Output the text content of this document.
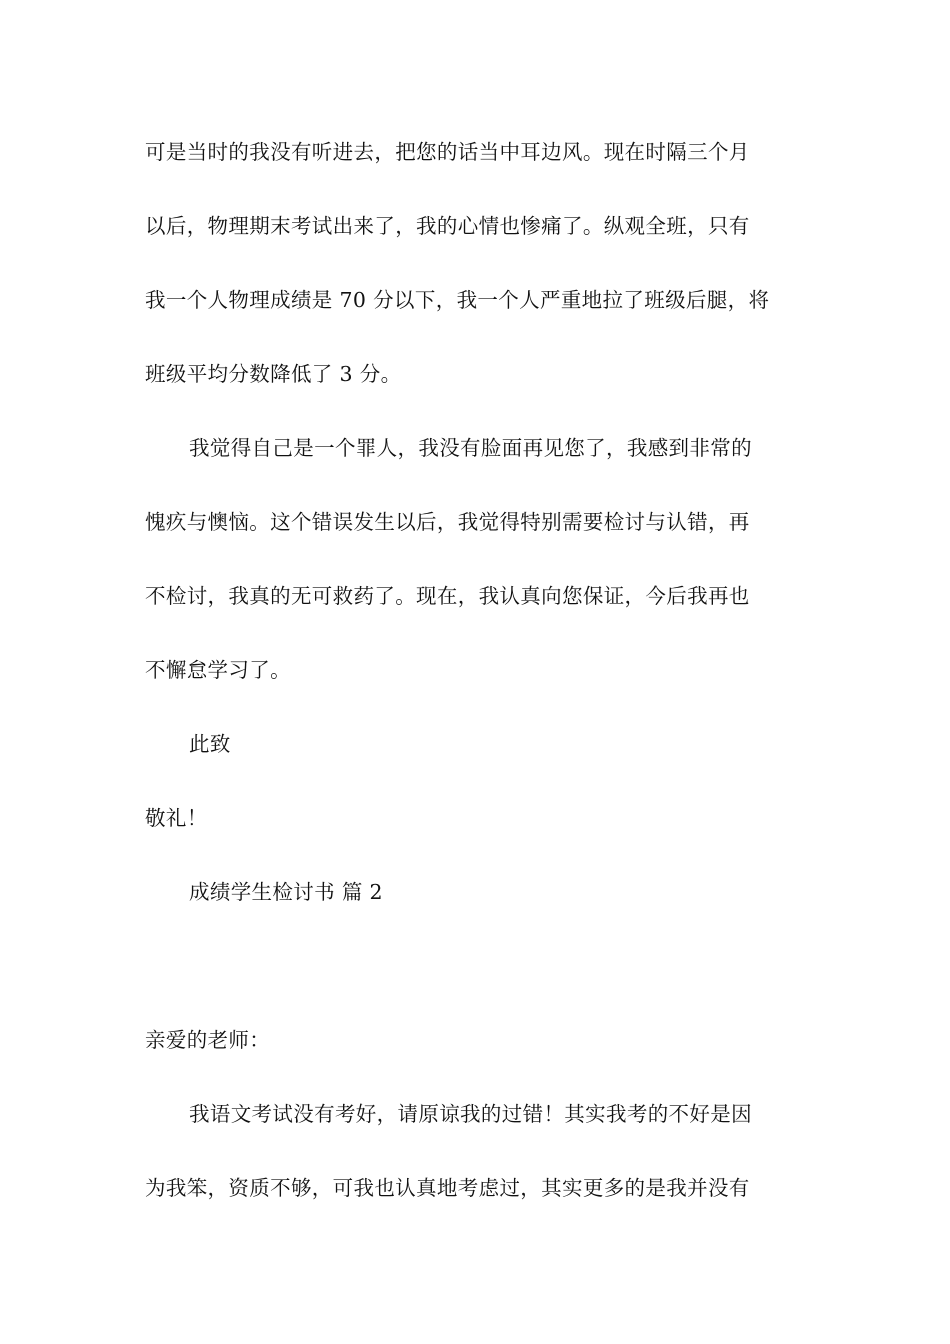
可是当时的我没有听进去，把您的话当中耳边风。现在时隔三个月
以后，物理期末考试出来了，我的心情也惨痛了。纵观全班，只有
我一个人物理成绩是 70 分以下，我一个人严重地拉了班级后腿，将
班级平均分数降低了 3 分。
我觉得自己是一个罪人，我没有脸面再见您了，我感到非常的
愧疚与懊恼。这个错误发生以后，我觉得特别需要检讨与认错，再
不检讨，我真的无可救药了。现在，我认真向您保证，今后我再也
不懈怠学习了。
此致
敬礼！
成绩学生检讨书 篇 2
亲爱的老师：
我语文考试没有考好，请原谅我的过错！其实我考的不好是因
为我笨，资质不够，可我也认真地考虑过，其实更多的是我并没有
